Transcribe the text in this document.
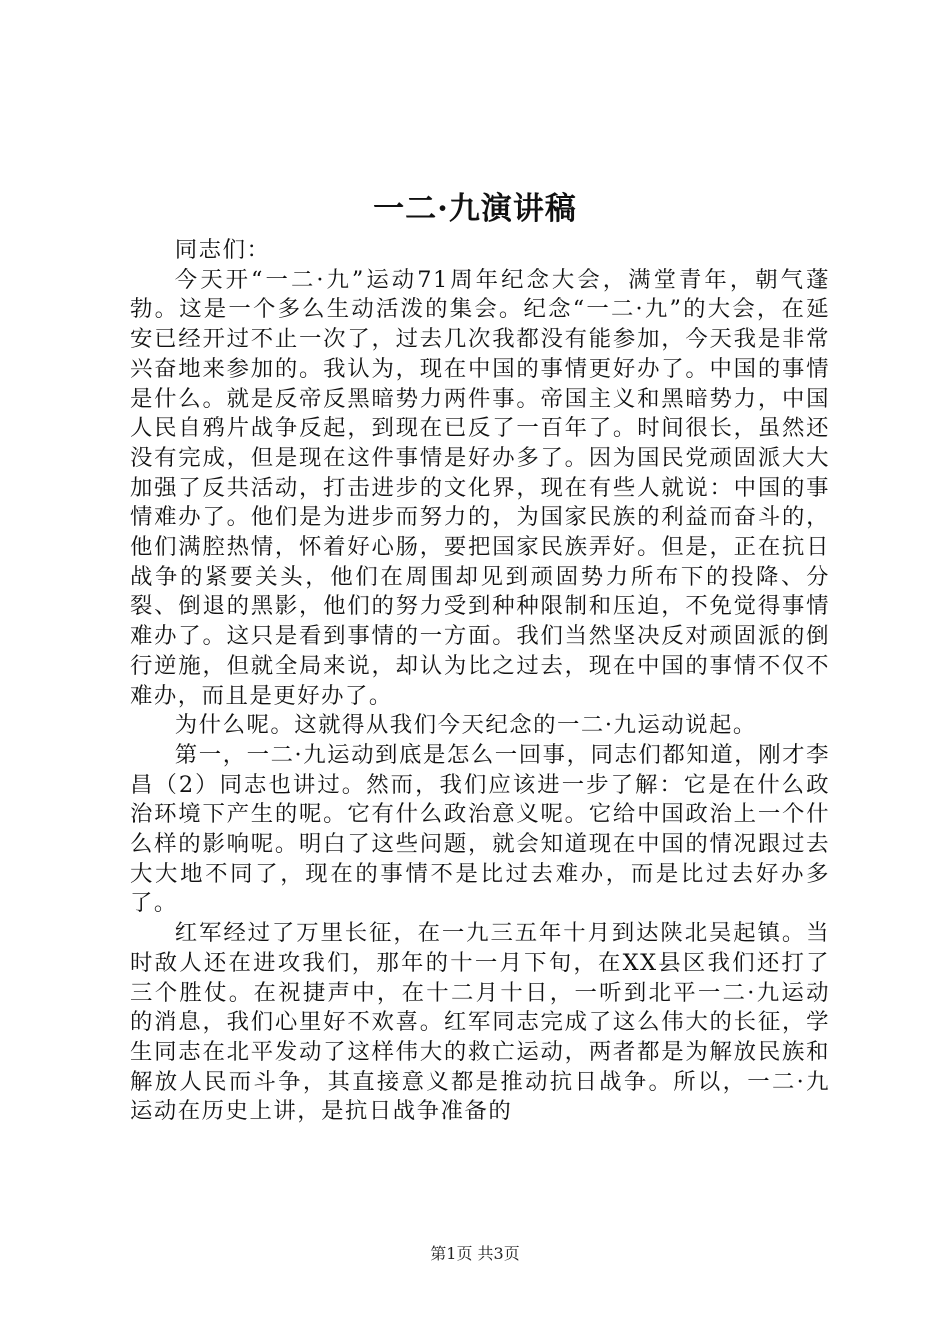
一二·九演讲稿

同志们：

今天开“一二·九”运动71周年纪念大会，满堂青年，朝气蓬勃。这是一个多么生动活泼的集会。纪念“一二·九”的大会，在延安已经开过不止一次了，过去几次我都没有能参加，今天我是非常兴奋地来参加的。我认为，现在中国的事情更好办了。中国的事情是什么。就是反帝反黑暗势力两件事。帝国主义和黑暗势力，中国人民自鸦片战争反起，到现在已反了一百年了。时间很长，虽然还没有完成，但是现在这件事情是好办多了。因为国民党顽固派大大加强了反共活动，打击进步的文化界，现在有些人就说：中国的事情难办了。他们是为进步而努力的，为国家民族的利益而奋斗的，他们满腔热情，怀着好心肠，要把国家民族弄好。但是，正在抗日战争的紧要关头，他们在周围却见到顽固势力所布下的投降、分裂、倒退的黑影，他们的努力受到种种限制和压迫，不免觉得事情难办了。这只是看到事情的一方面。我们当然坚决反对顽固派的倒行逆施，但就全局来说，却认为比之过去，现在中国的事情不仅不难办，而且是更好办了。

为什么呢。这就得从我们今天纪念的一二·九运动说起。

第一，一二·九运动到底是怎么一回事，同志们都知道，刚才李昌（2）同志也讲过。然而，我们应该进一步了解：它是在什么政治环境下产生的呢。它有什么政治意义呢。它给中国政治上一个什么样的影响呢。明白了这些问题，就会知道现在中国的情况跟过去大大地不同了，现在的事情不是比过去难办，而是比过去好办多了。

红军经过了万里长征，在一九三五年十月到达陕北吴起镇。当时敌人还在进攻我们，那年的十一月下旬，在XX县区我们还打了三个胜仗。在祝捷声中，在十二月十日，一听到北平一二·九运动的消息，我们心里好不欢喜。红军同志完成了这么伟大的长征，学生同志在北平发动了这样伟大的救亡运动，两者都是为解放民族和解放人民而斗争，其直接意义都是推动抗日战争。所以，一二·九运动在历史上讲，是抗日战争准备的

第1页 共3页
